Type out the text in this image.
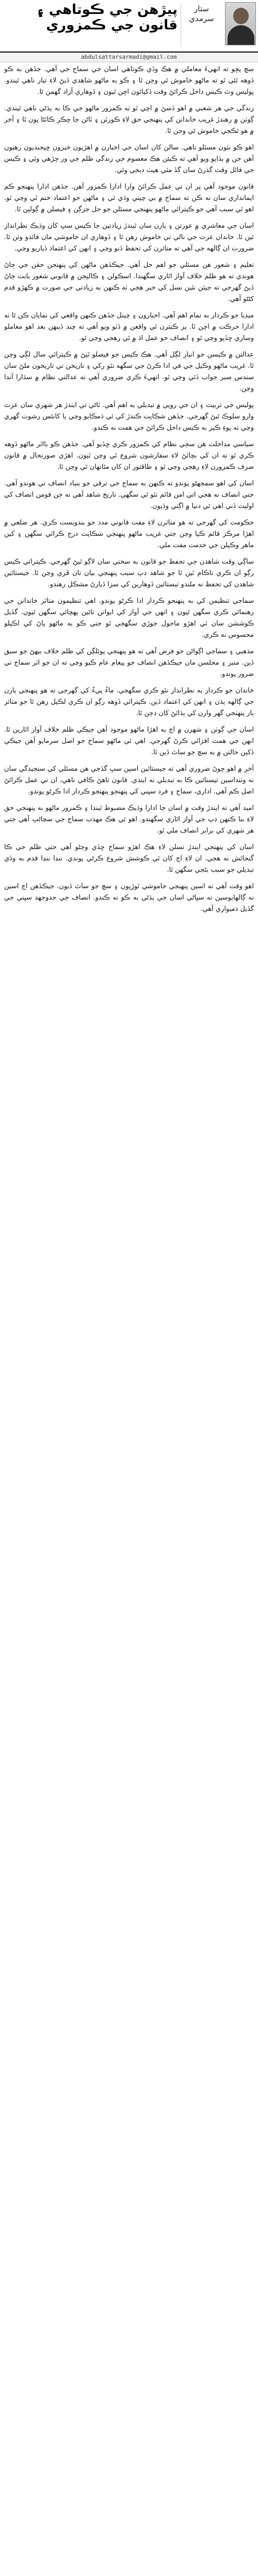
پيڙهن جي ڪوتاهي ۽ قانون جي ڪمزوري
ستار سرمدي
abdulsattarsarmadi@gmail.com

سچ پڇو ته انهيءَ معاملي ۾ هڪ وڏي ڪوتاهي اسان جي سماج جي آهي. جڏهن به ڪو ڏوهه ٿئي ٿو ته ماڻهو خاموش ٿي وڃن ٿا ۽ ڪو به ماڻهو شاهدي ڏيڻ لاءِ تيار ناهي ٿيندو. پوليس وٽ ڪيس داخل ڪرائڻ وقت ڏکيائون اچن ٿيون ۽ ڏوهاري آزاد گهمن ٿا.

زندگي جي هر شعبي ۾ اهو ڏسڻ ۾ اچي ٿو ته ڪمزور ماڻهو جي ڪا به ٻڌڻي ناهي ٿيندي. ڳوٺن ۾ رهندڙ غريب خاندانن کي پنهنجي حق لاءِ ڪورٽن ۽ ٿاڻن جا چڪر ڪاٽڻا پون ٿا ۽ آخر ۾ هو ٿڪجي خاموش ٿي وڃن ٿا.

اهو ڪو نئون مسئلو ناهي. سالن کان اسان جي اخبارن ۾ اهڙيون خبرون ڇپجنديون رهيون آهن جن ۾ ٻڌايو ويو آهي ته ڪيئن هڪ معصوم جي زندگي ظلم جي ور چڙهي وئي ۽ ڪيس جي فائل وقت گذرڻ سان گڏ مٽي هيٺ دٻجي وئي.

قانون موجود آهي پر ان تي عمل ڪرائڻ وارا ادارا ڪمزور آهن. جڏهن ادارا پنهنجو ڪم ايمانداري سان نه ڪن ته سماج ۾ بي چيني وڌي ٿي ۽ ماڻهن جو اعتماد ختم ٿي وڃي ٿو. اهو ئي سبب آهي جو ڪيترائي ماڻهو پنهنجي مسئلن جو حل جرڳن ۽ فيصلن ۾ ڳولين ٿا.

اسان جي معاشري ۾ عورتن ۽ ٻارن سان ٿيندڙ زيادتين جا ڪيس سڀ کان وڌيڪ نظرانداز ٿين ٿا. خاندان عزت جي نالي تي خاموش رهن ٿا ۽ ڏوهاري ان خاموشي مان فائدو وٺن ٿا. ضرورت ان ڳالهه جي آهي ته متاثرن کي تحفظ ڏنو وڃي ۽ انهن کي اعتماد ڏياريو وڃي.

تعليم ۽ شعور هن مسئلي جو اهم حل آهي. جيڪڏهن ماڻهن کي پنهنجن حقن جي ڄاڻ هوندي ته هو ظلم خلاف آواز اٿاري سگهندا. اسڪولن ۽ ڪاليجن ۾ قانوني شعور بابت ڄاڻ ڏيڻ گهرجي ته جيئن نئين نسل کي خبر هجي ته ڪنهن به زيادتي جي صورت ۾ ڪهڙو قدم کڻڻو آهي.

ميڊيا جو ڪردار به تمام اهم آهي. اخبارون ۽ چينل جڏهن ڪنهن واقعي کي نمايان ڪن ٿا ته ادارا حرڪت ۾ اچن ٿا. پر ڪيترن ئي واقعن ۾ ڏٺو ويو آهي ته چند ڏينهن بعد اهو معاملو وساري ڇڏيو وڃي ٿو ۽ انصاف جو عمل اڌ ۾ ئي رهجي وڃي ٿو.

عدالتن ۾ ڪيسن جو انبار لڳل آهي. هڪ ڪيس جو فيصلو ٿيڻ ۾ ڪيترائي سال لڳي وڃن ٿا. غريب ماڻهو وڪيل جي في ادا ڪرڻ جي سگهه نٿو رکي ۽ تاريخن تي تاريخون ملڻ سان سندس صبر جواب ڏئي وڃي ٿو. انهيءَ ڪري ضروري آهي ته عدالتي نظام ۾ سڌارا آندا وڃن.

پوليس جي تربيت ۽ ان جي رويي ۾ تبديلي به اهم آهي. ٿاڻي تي ايندڙ هر شهري سان عزت وارو سلوڪ ٿيڻ گهرجي. جڏهن شڪايت ڪندڙ کي ئي ڌمڪايو وڃي يا کانئس رشوت گهري وڃي ته پوءِ ڪير به ڪيس داخل ڪرائڻ جي همت نه ڪندو.

سياسي مداخلت هن سڄي نظام کي ڪمزور ڪري ڇڏيو آهي. جڏهن ڪو بااثر ماڻهو ڏوهه ڪري ٿو ته ان کي بچائڻ لاءِ سفارشون شروع ٿي وڃن ٿيون. اهڙي صورتحال ۾ قانون صرف ڪمزورن لاءِ رهجي وڃي ٿو ۽ طاقتور ان کان مٿانهان ٿي وڃن ٿا.

اسان کي اهو سمجهڻو پوندو ته ڪنهن به سماج جي ترقي جو بنياد انصاف تي هوندو آهي. جتي انصاف نه هجي اتي امن قائم نٿو ٿي سگهي. تاريخ شاهد آهي ته جن قومن انصاف کي اوليت ڏني اهي ئي دنيا ۾ اڳتي وڌيون.

حڪومت کي گهرجي ته هو متاثرن لاءِ مفت قانوني مدد جو بندوبست ڪري. هر ضلعي ۾ اهڙا مرڪز قائم ڪيا وڃن جتي غريب ماڻهو پنهنجي شڪايت درج ڪرائي سگهن ۽ کين ماهر وڪيلن جي خدمت مفت ملي.

ساڳي وقت شاهدن جي تحفظ جو قانون به سختي سان لاڳو ٿيڻ گهرجي. ڪيترائي ڪيس رڳو ان ڪري ناڪام ٿين ٿا جو شاهد ڊپ سبب پنهنجي بيان تان ڦري وڃن ٿا. جيستائين شاهدن کي تحفظ نه ملندو تيستائين ڏوهارين کي سزا ڏيارڻ مشڪل رهندو.

سماجي تنظيمن کي به پنهنجو ڪردار ادا ڪرڻو پوندو. اهي تنظيمون متاثر خاندانن جي رهنمائي ڪري سگهن ٿيون ۽ انهن جي آواز کي ايوانن تائين پهچائي سگهن ٿيون. گڏيل ڪوششن سان ئي اهڙو ماحول جوڙي سگهجي ٿو جتي ڪو به ماڻهو پاڻ کي اڪيلو محسوس نه ڪري.

مذهبي ۽ سماجي اڳواڻن جو فرض آهي ته هو پنهنجي پوئلڳن کي ظلم خلاف بيهڻ جو سبق ڏين. منبر ۽ مجلسن مان جيڪڏهن انصاف جو پيغام عام ڪيو وڃي ته ان جو اثر سماج تي ضرور پوندو.

خاندان جو ڪردار به نظرانداز نٿو ڪري سگهجي. ماءُ پيءُ کي گهرجي ته هو پنهنجي ٻارن جي ڳالهه ٻڌن ۽ انهن کي اعتماد ڏين. ڪيترائي ڏوهه رڳو ان ڪري لڪيل رهن ٿا جو متاثر ٻار پنهنجي گهر وارن کي ٻڌائڻ کان ڊڄن ٿا.

اسان جي ڳوٺن ۽ شهرن ۾ اڄ به اهڙا ماڻهو موجود آهن جيڪي ظلم خلاف آواز اٿارين ٿا. انهن جي همت افزائي ڪرڻ گهرجي. اهي ئي ماڻهو سماج جو اصل سرمايو آهن جيڪي ڏکين حالتن ۾ به سچ جو ساٿ ڏين ٿا.

آخر ۾ اهو چوڻ ضروري آهي ته جيستائين اسين سڀ گڏجي هن مسئلي کي سنجيدگي سان نه وٺنداسين تيستائين ڪا به تبديلي نه ايندي. قانون ٺاهڻ ڪافي ناهي، ان تي عمل ڪرائڻ اصل ڪم آهي. اداري، سماج ۽ فرد سڀني کي پنهنجو پنهنجو ڪردار ادا ڪرڻو پوندو.

اميد آهي ته ايندڙ وقت ۾ اسان جا ادارا وڌيڪ مضبوط ٿيندا ۽ ڪمزور ماڻهو به پنهنجي حق لاءِ بنا ڪنهن ڊپ جي آواز اٿاري سگهندو. اهو ئي هڪ مهذب سماج جي سڃاڻپ آهي جتي هر شهري کي برابر انصاف ملي ٿو.

اسان کي پنهنجي ايندڙ نسلن لاءِ هڪ اهڙو سماج ڇڏي وڃڻو آهي جتي ظلم جي ڪا گنجائش نه هجي. ان لاءِ اڄ کان ئي ڪوشش شروع ڪرڻي پوندي. ننڍا ننڍا قدم به وڏي تبديلي جو سبب بڻجي سگهن ٿا.

اهو وقت آهي ته اسين پنهنجي خاموشي ٽوڙيون ۽ سچ جو ساٿ ڏيون. جيڪڏهن اڄ اسين نه ڳالهايوسين ته سڀاڻي اسان جي ٻڌڻي به ڪو نه ڪندو. انصاف جي جدوجهد سڀني جي گڏيل ذميواري آهي.
